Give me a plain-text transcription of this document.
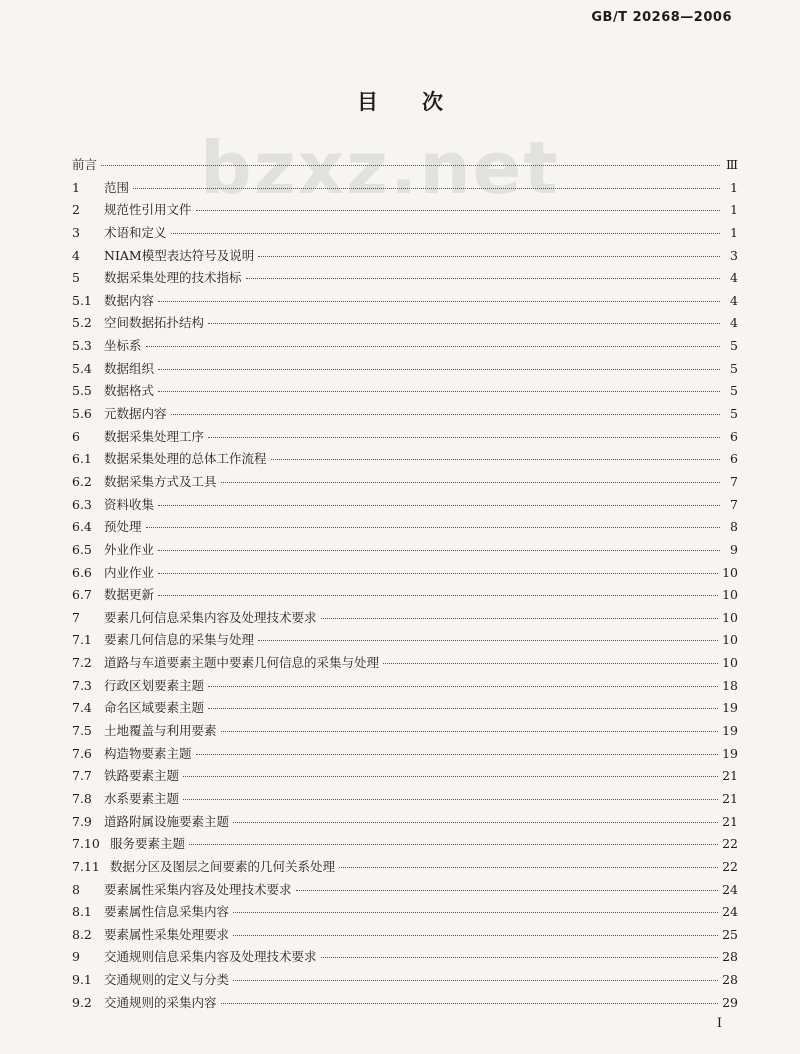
GB/T 20268—2006
bzxz.net
目次
前言	Ⅲ
1	范围	1
2	规范性引用文件	1
3	术语和定义	1
4	NIAM模型表达符号及说明	3
5	数据采集处理的技术指标	4
5.1 数据内容	4
5.2 空间数据拓扑结构	4
5.3 坐标系	5
5.4 数据组织	5
5.5 数据格式	5
5.6 元数据内容	5
6	数据采集处理工序	6
6.1 数据采集处理的总体工作流程	6
6.2 数据采集方式及工具	7
6.3 资料收集	7
6.4 预处理	8
6.5 外业作业	9
6.6 内业作业	10
6.7 数据更新	10
7	要素几何信息采集内容及处理技术要求	10
7.1 要素几何信息的采集与处理	10
7.2 道路与车道要素主题中要素几何信息的采集与处理	10
7.3 行政区划要素主题	18
7.4 命名区域要素主题	19
7.5 土地覆盖与利用要素	19
7.6 构造物要素主题	19
7.7 铁路要素主题	21
7.8 水系要素主题	21
7.9 道路附属设施要素主题	21
7.10 服务要素主题	22
7.11 数据分区及图层之间要素的几何关系处理	22
8	要素属性采集内容及处理技术要求	24
8.1 要素属性信息采集内容	24
8.2 要素属性采集处理要求	25
9	交通规则信息采集内容及处理技术要求	28
9.1 交通规则的定义与分类	28
9.2 交通规则的采集内容	29
I
